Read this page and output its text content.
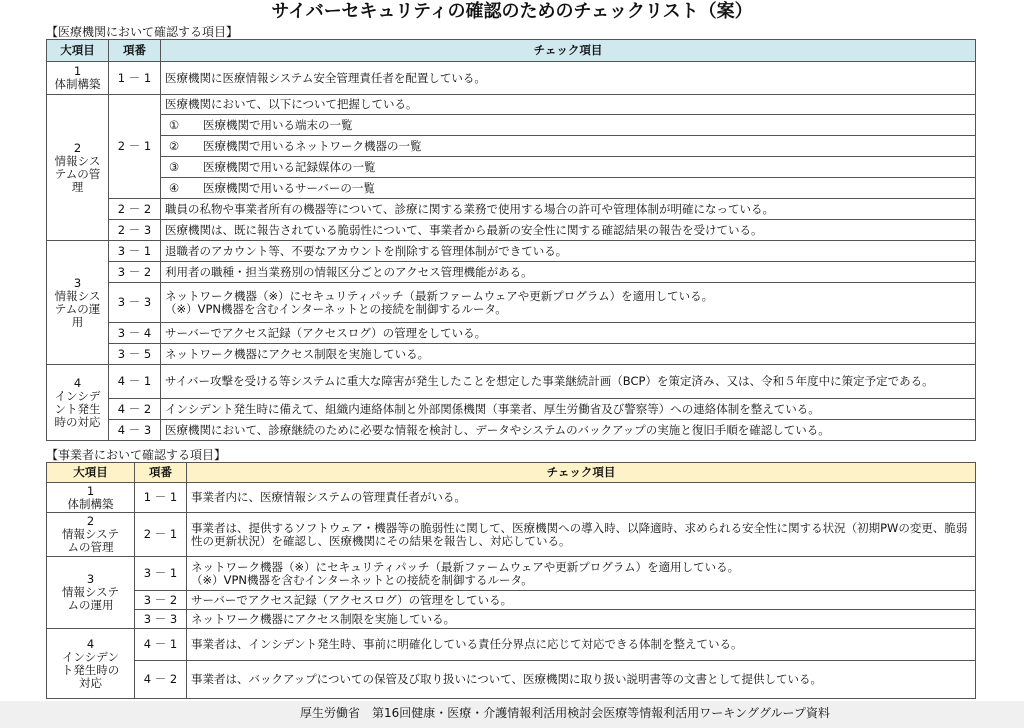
サイバーセキュリティの確認のためのチェックリスト（案）
【医療機関において確認する項目】
大項目	項番	チェック項目
1
体制構築	1 － 1	医療機関に医療情報システム安全管理責任者を配置している。
2
情報シス
テムの管
理	2 － 1	医療機関において、以下について把握している。

		① 医療機関で用いる端末の一覧

		② 医療機関で用いるネットワーク機器の一覧

		③ 医療機関で用いる記録媒体の一覧

		④ 医療機関で用いるサーバーの一覧

	2 － 2	職員の私物や事業者所有の機器等について、診療に関する業務で使用する場合の許可や管理体制が明確になっている。
	2 － 3	医療機関は、既に報告されている脆弱性について、事業者から最新の安全性に関する確認結果の報告を受けている。
3
情報シス
テムの運
用	3 － 1	退職者のアカウント等、不要なアカウントを削除する管理体制ができている。
	3 － 2	利用者の職種・担当業務別の情報区分ごとのアクセス管理機能がある。
	3 － 3	ネットワーク機器（※）にセキュリティパッチ（最新ファームウェアや更新プログラム）を適用している。
（※）VPN機器を含むインターネットとの接続を制御するルータ。
	3 － 4	サーバーでアクセス記録（アクセスログ）の管理をしている。
	3 － 5	ネットワーク機器にアクセス制限を実施している。
4
インシデ
ント発生
時の対応	4 － 1	サイバー攻撃を受ける等システムに重大な障害が発生したことを想定した事業継続計画（BCP）を策定済み、又は、令和５年度中に策定予定である。
	4 － 2	インシデント発生時に備えて、組織内連絡体制と外部関係機関（事業者、厚生労働省及び警察等）への連絡体制を整えている。
	4 － 3	医療機関において、診療継続のために必要な情報を検討し、データやシステムのバックアップの実施と復旧手順を確認している。
【事業者において確認する項目】
大項目	項番	チェック項目
1
体制構築	1 － 1	事業者内に、医療情報システムの管理責任者がいる。
2
情報システ
ムの管理	2 － 1	事業者は、提供するソフトウェア・機器等の脆弱性に関して、医療機関への導入時、以降適時、求められる安全性に関する状況（初期PWの変更、脆弱性の更新状況）を確認し、医療機関にその結果を報告し、対応している。
3
情報システ
ムの運用	3 － 1	ネットワーク機器（※）にセキュリティパッチ（最新ファームウェアや更新プログラム）を適用している。
（※）VPN機器を含むインターネットとの接続を制御するルータ。
	3 － 2	サーバーでアクセス記録（アクセスログ）の管理をしている。
	3 － 3	ネットワーク機器にアクセス制限を実施している。
4
インシデン
ト発生時の
対応	4 － 1	事業者は、インシデント発生時、事前に明確化している責任分界点に応じて対応できる体制を整えている。
	4 － 2	事業者は、バックアップについての保管及び取り扱いについて、医療機関に取り扱い説明書等の文書として提供している。
厚生労働省　第16回健康・医療・介護情報利活用検討会医療等情報利活用ワーキンググループ資料
